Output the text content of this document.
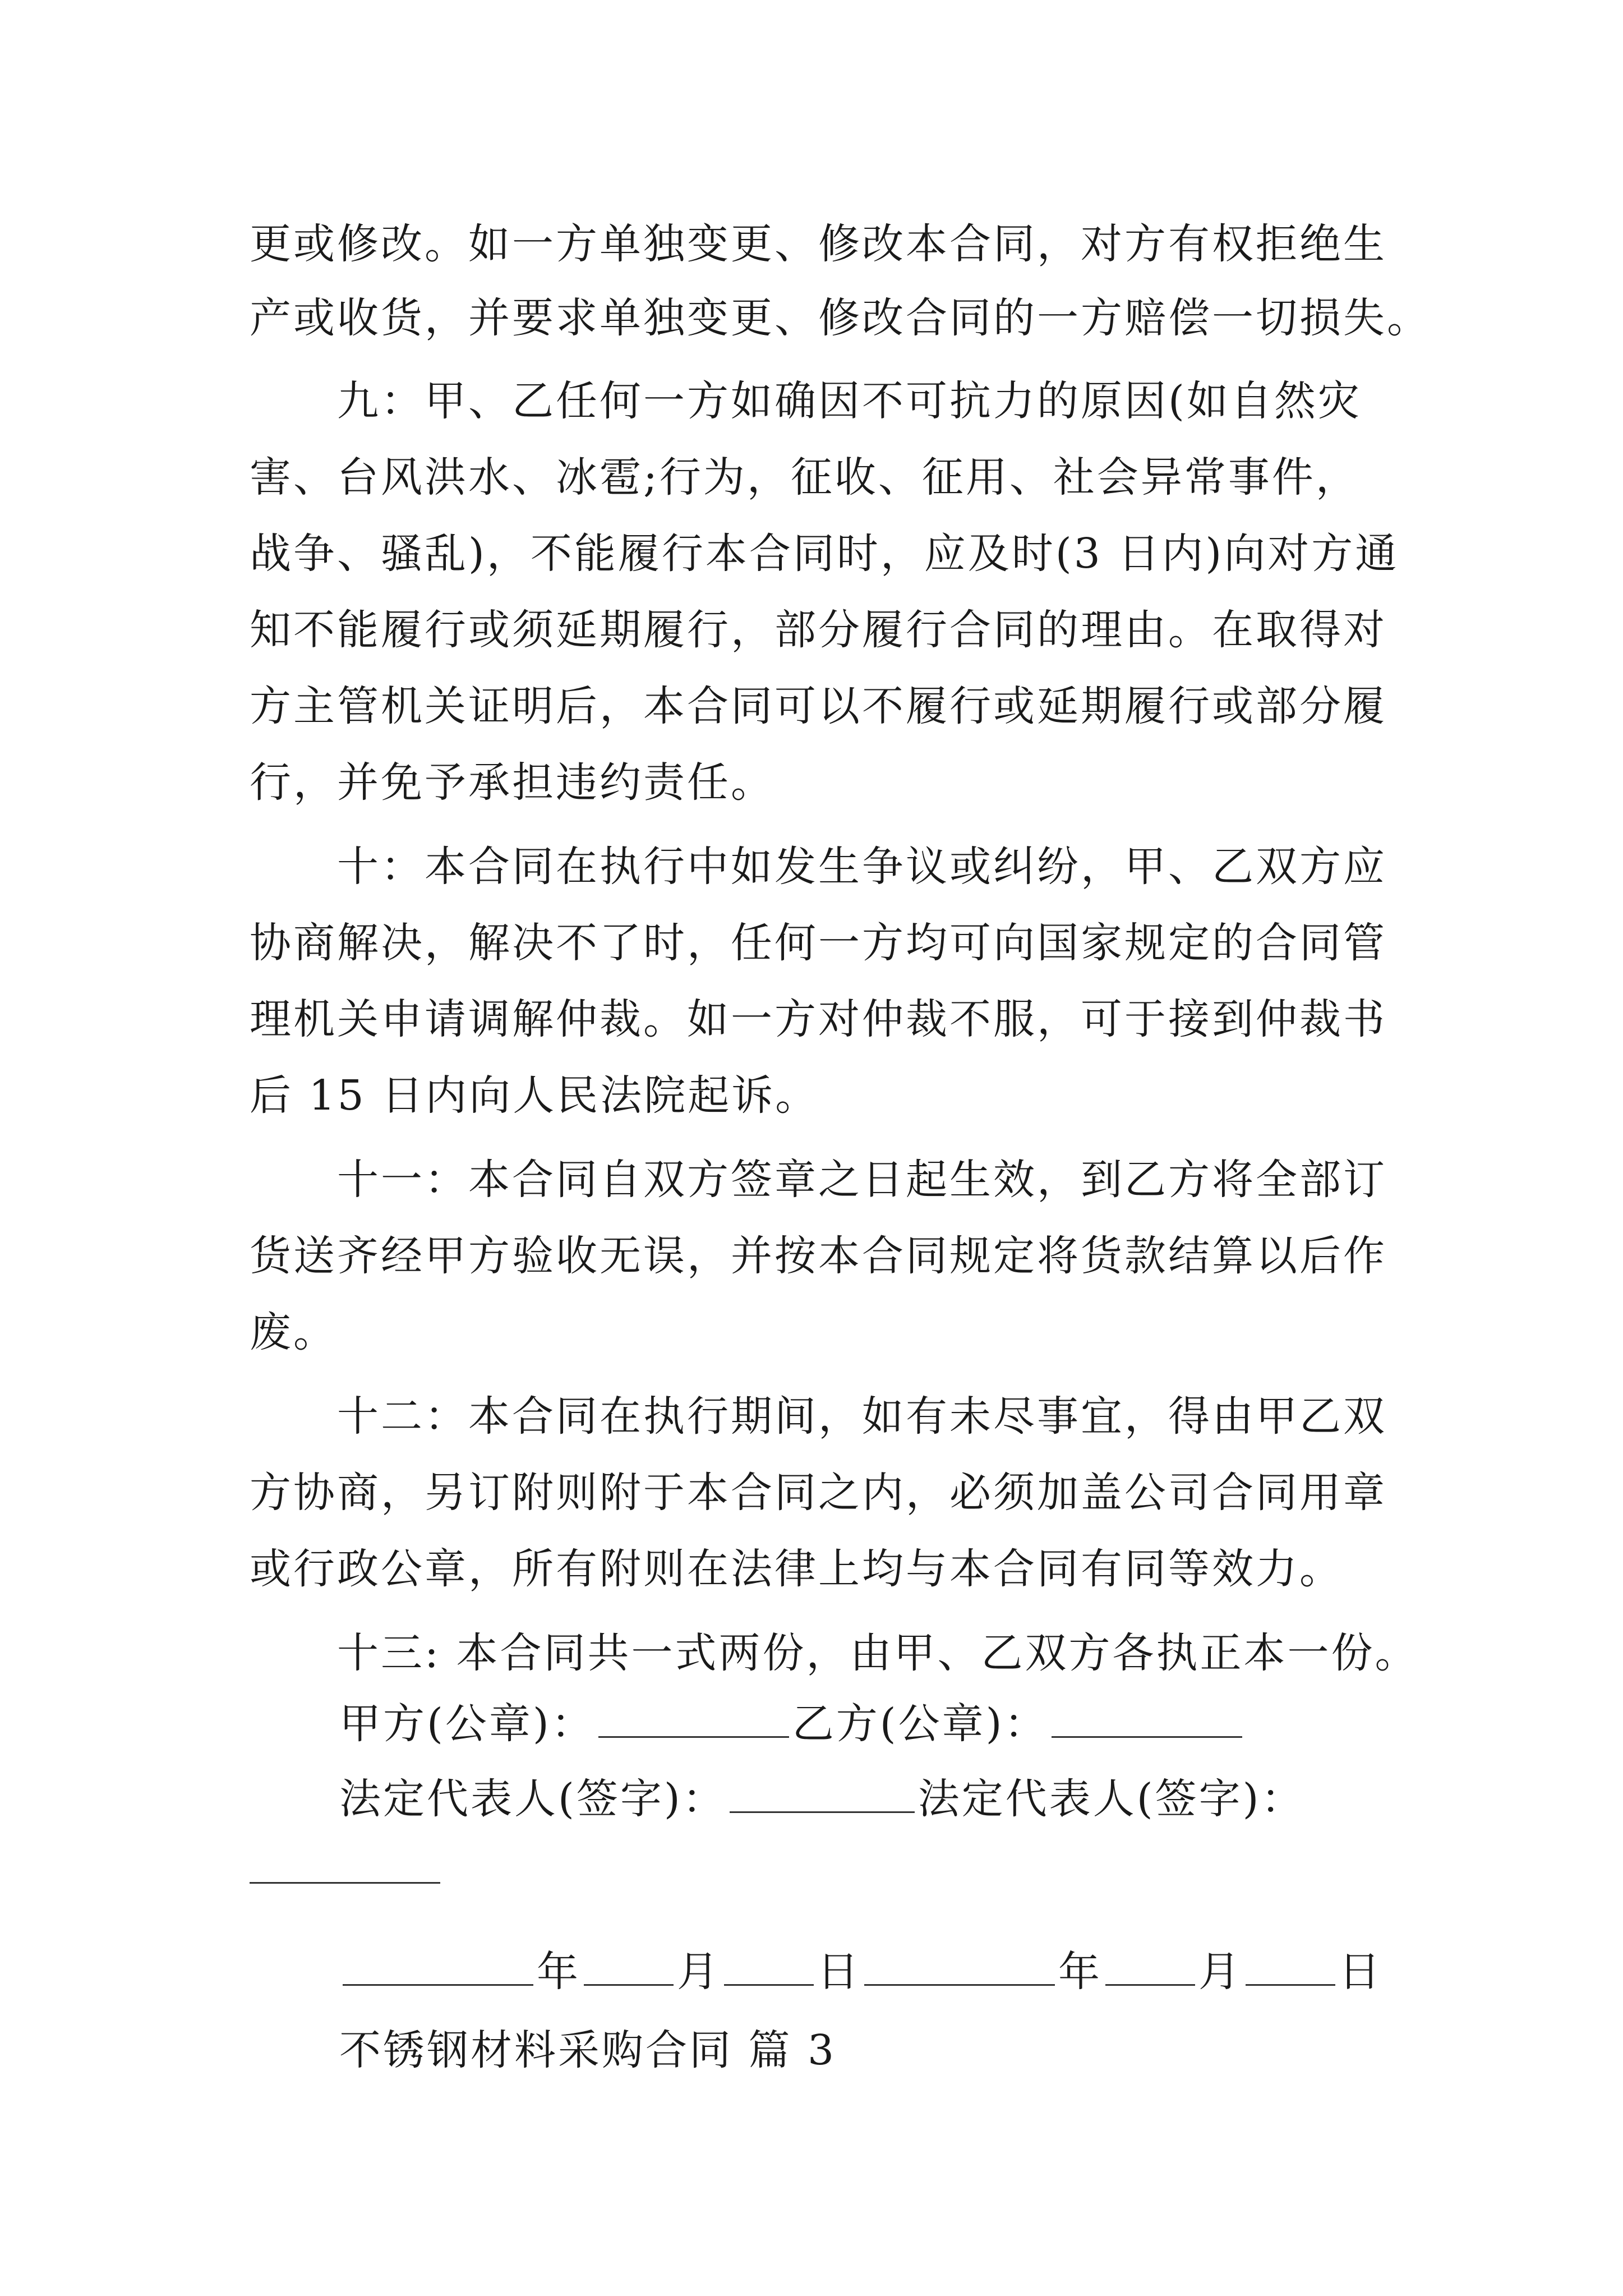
更或修改。如一方单独变更、修改本合同，对方有权拒绝生
产或收货，并要求单独变更、修改合同的一方赔偿一切损失。
　　九：甲、乙任何一方如确因不可抗力的原因(如自然灾
害、台风洪水、冰雹;行为，征收、征用、社会异常事件，
战争、骚乱)，不能履行本合同时，应及时(3 日内)向对方通
知不能履行或须延期履行，部分履行合同的理由。在取得对
方主管机关证明后，本合同可以不履行或延期履行或部分履
行，并免予承担违约责任。
　　十：本合同在执行中如发生争议或纠纷，甲、乙双方应
协商解决，解决不了时，任何一方均可向国家规定的合同管
理机关申请调解仲裁。如一方对仲裁不服，可于接到仲裁书
后 15 日内向人民法院起诉。
　　十一：本合同自双方签章之日起生效，到乙方将全部订
货送齐经甲方验收无误，并按本合同规定将货款结算以后作
废。
　　十二：本合同在执行期间，如有未尽事宜，得由甲乙双
方协商，另订附则附于本合同之内，必须加盖公司合同用章
或行政公章，所有附则在法律上均与本合同有同等效力。
　　十三: 本合同共一式两份，由甲、乙双方各执正本一份。
甲方(公章)：	乙方(公章)：
法定代表人(签字)：	法定代表人(签字)：
年 月 日	年 月 日
不锈钢材料采购合同 篇 3
